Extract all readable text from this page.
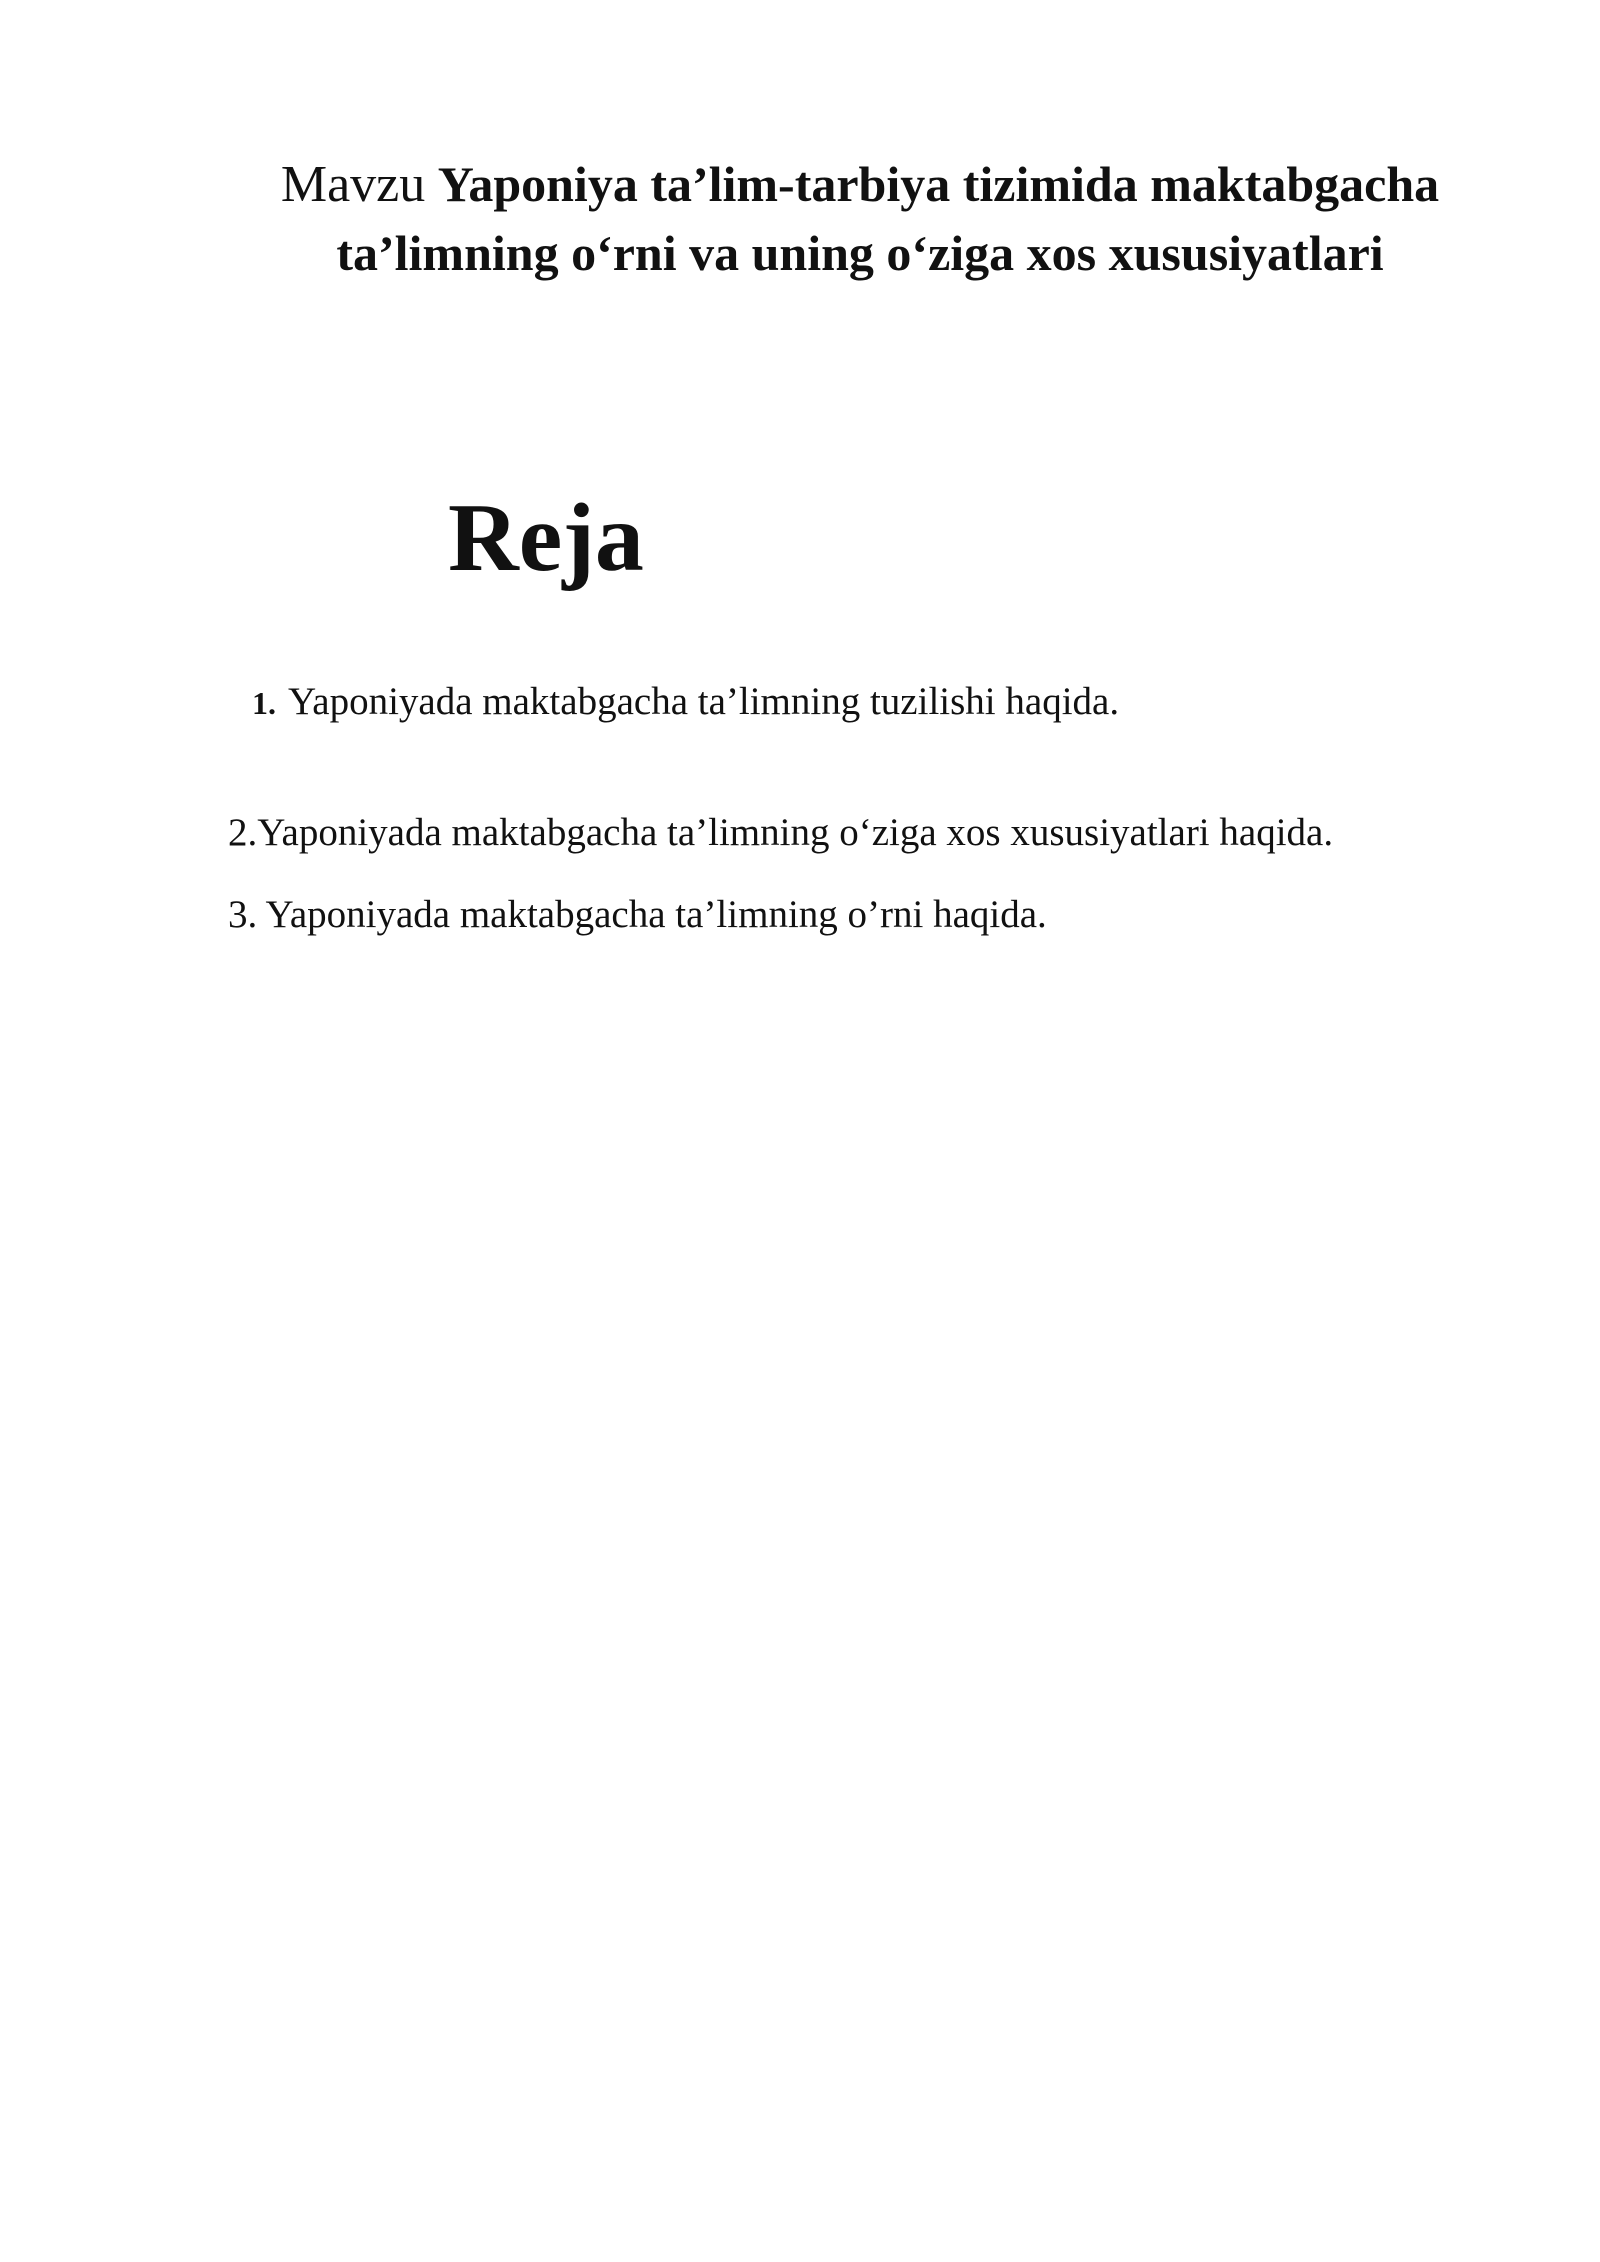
Mavzu Yaponiya ta’lim-tarbiya tizimida maktabgacha ta’limning o‘rni va uning o‘ziga xos xususiyatlari
Reja
1. Yaponiyada maktabgacha ta’limning tuzilishi haqida.
2.Yaponiyada maktabgacha ta’limning o‘ziga xos xususiyatlari haqida.
3. Yaponiyada maktabgacha ta’limning o’rni haqida.
